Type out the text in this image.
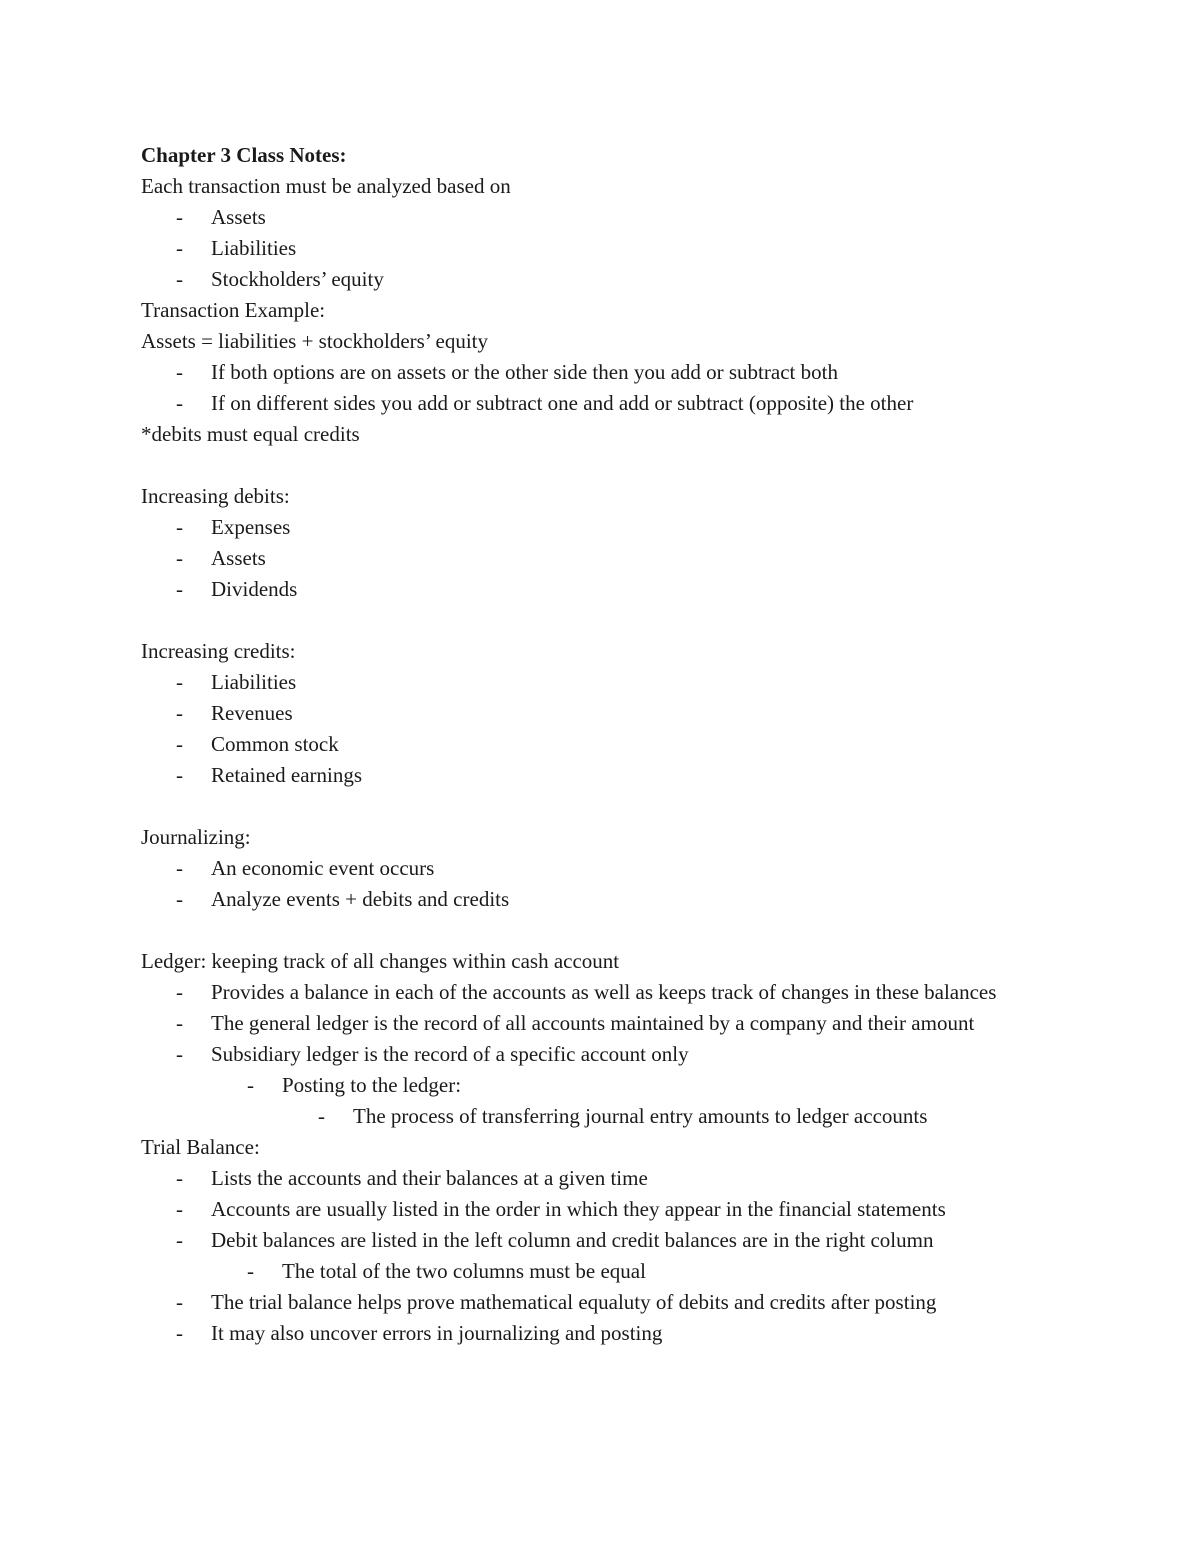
Chapter 3 Class Notes:

Each transaction must be analyzed based on

-	Assets
-	Liabilities
-	Stockholders’ equity

Transaction Example:

Assets = liabilities + stockholders’ equity

-	If both options are on assets or the other side then you add or subtract both
-	If on different sides you add or subtract one and add or subtract (opposite) the other

*debits must equal credits

Increasing debits:

-	Expenses
-	Assets
-	Dividends

Increasing credits:

-	Liabilities
-	Revenues
-	Common stock
-	Retained earnings

Journalizing:

-	An economic event occurs
-	Analyze events + debits and credits

Ledger: keeping track of all changes within cash account

-	Provides a balance in each of the accounts as well as keeps track of changes in these balances
-	The general ledger is the record of all accounts maintained by a company and their amount
-	Subsidiary ledger is the record of a specific account only
-	Posting to the ledger:
-	The process of transferring journal entry amounts to ledger accounts

Trial Balance:

-	Lists the accounts and their balances at a given time
-	Accounts are usually listed in the order in which they appear in the financial statements
-	Debit balances are listed in the left column and credit balances are in the right column
-	The total of the two columns must be equal
-	The trial balance helps prove mathematical equaluty of debits and credits after posting
-	It may also uncover errors in journalizing and posting
